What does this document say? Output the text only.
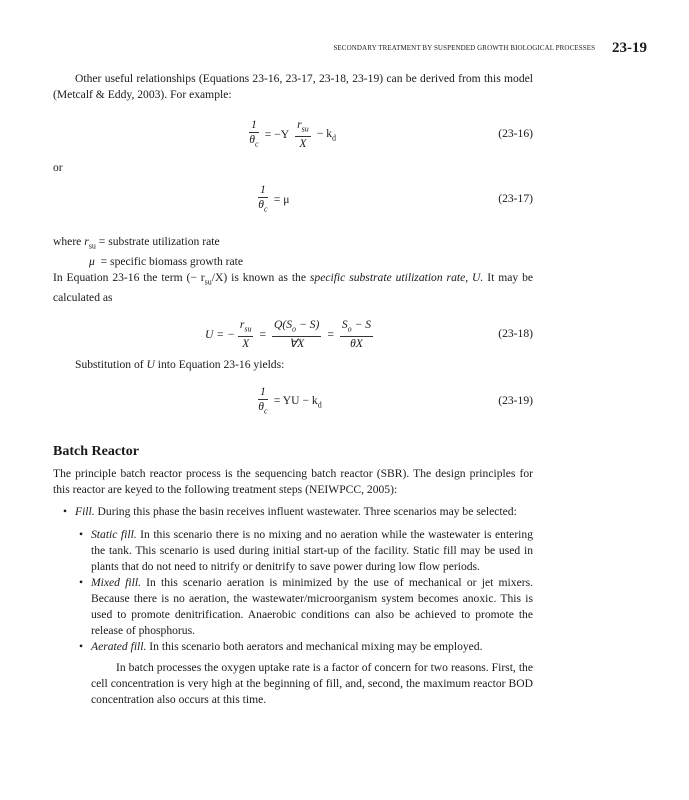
SECONDARY TREATMENT BY SUSPENDED GROWTH BIOLOGICAL PROCESSES 23-19
Other useful relationships (Equations 23-16, 23-17, 23-18, 23-19) can be derived from this model (Metcalf & Eddy, 2003). For example:
$\frac{1}{\theta_c} = -Y \frac{r_{su}}{X} - k_d$	(23-16)
or
$\frac{1}{\theta_c} = \mu$	(23-17)
where $r_{su}$ = substrate utilization rate
μ  = specific biomass growth rate
In Equation 23-16 the term (− $r_{su}/X$) is known as the specific substrate utilization rate, U. It may be calculated as
U = − $\frac{r_{su}}{X} = \frac{Q(S_o - S)}{\forall X} = \frac{S_o - S}{\theta X}$	(23-18)
Substitution of U into Equation 23-16 yields:
$\frac{1}{\theta_c}$ = YU − $k_d$	(23-19)
Batch Reactor
The principle batch reactor process is the sequencing batch reactor (SBR). The design principles for this reactor are keyed to the following treatment steps (NEIWPCC, 2005):
• Fill. During this phase the basin receives influent wastewater. Three scenarios may be selected:
• Static fill. In this scenario there is no mixing and no aeration while the wastewater is entering the tank. This scenario is used during initial start-up of the facility. Static fill may be used in plants that do not need to nitrify or denitrify to save power during low flow periods.
• Mixed fill. In this scenario aeration is minimized by the use of mechanical or jet mixers. Because there is no aeration, the wastewater/microorganism system becomes anoxic. This is used to promote denitrification. Anaerobic conditions can also be achieved to promote the release of phosphorus.
• Aerated fill. In this scenario both aerators and mechanical mixing may be employed.
In batch processes the oxygen uptake rate is a factor of concern for two reasons. First, the cell concentration is very high at the beginning of fill, and, second, the maximum reactor BOD concentration also occurs at this time.
